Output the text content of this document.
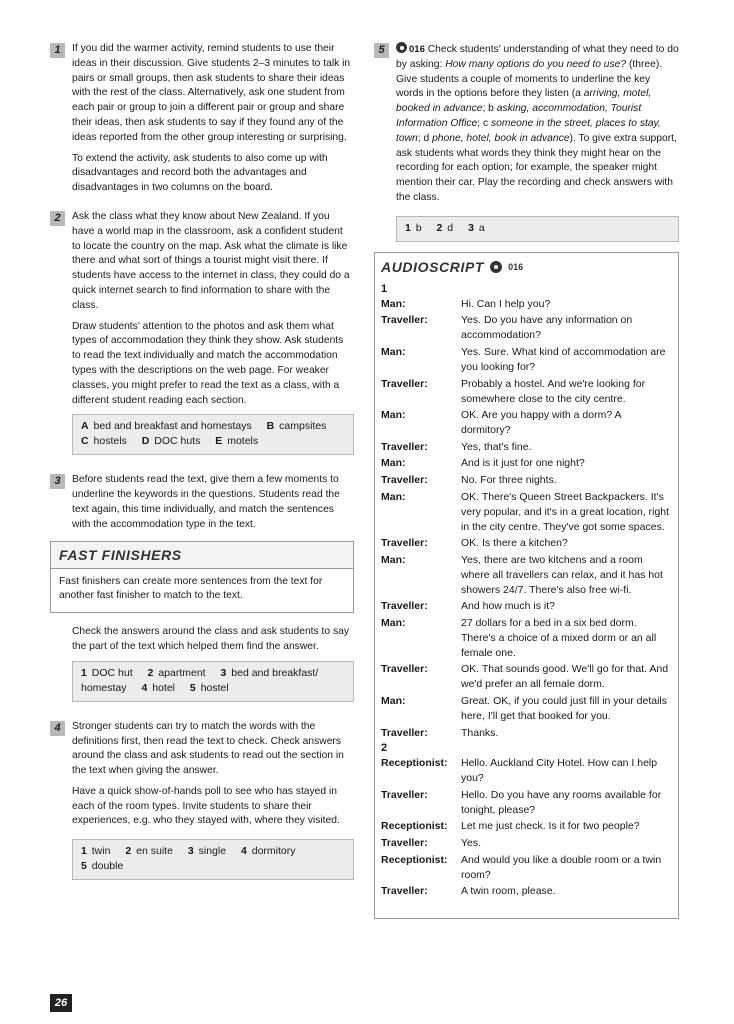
1	If you did the warmer activity, remind students to use their ideas in their discussion. Give students 2–3 minutes to talk in pairs or small groups, then ask students to share their ideas with the rest of the class. Alternatively, ask one student from each pair or group to join a different pair or group and share their ideas, then ask students to say if they found any of the ideas reported from the other group interesting or surprising.

To extend the activity, ask students to also come up with disadvantages and record both the advantages and disadvantages in two columns on the board.

2	Ask the class what they know about New Zealand. If you have a world map in the classroom, ask a confident student to locate the country on the map. Ask what the climate is like there and what sort of things a tourist might visit there. If students have access to the internet in class, they could do a quick internet search to find information to share with the class.

Draw students' attention to the photos and ask them what types of accommodation they think they show. Ask students to read the text individually and match the accommodation types with the descriptions on the web page. For weaker classes, you might prefer to read the text as a class, with a different student reading each section.

A bed and breakfast and homestays B campsites
C hostels D DOC huts E motels
3	Before students read the text, give them a few moments to underline the keywords in the questions. Students read the text again, this time individually, and match the sentences with the accommodation type in the text.

FAST FINISHERS
Fast finishers can create more sentences from the text for another fast finisher to match to the text.

Check the answers around the class and ask students to say the part of the text which helped them find the answer.

1 DOC hut 2 apartment 3 bed and breakfast/
homestay 4 hotel 5 hostel
4	Stronger students can try to match the words with the definitions first, then read the text to check. Check answers around the class and ask students to read out the section in the text when giving the answer.

Have a quick show-of-hands poll to see who has stayed in each of the room types. Invite students to share their experiences, e.g. who they stayed with, where they visited.

1 twin 2 en suite 3 single 4 dormitory
5 double
5	016 Check students' understanding of what they need to do by asking: How many options do you need to use? (three). Give students a couple of moments to underline the key words in the options before they listen (a arriving, motel, booked in advance; b asking, accommodation, Tourist Information Office; c someone in the street, places to stay, town; d phone, hotel, book in advance). To give extra support, ask students what words they think they might hear on the recording for each option; for example, the speaker might mention their car. Play the recording and check answers with the class.

1 b 2 d 3 a
AUDIOSCRIPT	016
1
Man:	Hi. Can I help you?
Traveller:	Yes. Do you have any information on accommodation?
Man:	Yes. Sure. What kind of accommodation are you looking for?
Traveller:	Probably a hostel. And we're looking for somewhere close to the city centre.
Man:	OK. Are you happy with a dorm? A dormitory?
Traveller:	Yes, that's fine.
Man:	And is it just for one night?
Traveller:	No. For three nights.
Man:	OK. There's Queen Street Backpackers. It's very popular, and it's in a great location, right in the city centre. They've got some spaces.
Traveller:	OK. Is there a kitchen?
Man:	Yes, there are two kitchens and a room where all travellers can relax, and it has hot showers 24/7. There's also free wi-fi.
Traveller:	And how much is it?
Man:	27 dollars for a bed in a six bed dorm. There's a choice of a mixed dorm or an all female one.
Traveller:	OK. That sounds good. We'll go for that. And we'd prefer an all female dorm.
Man:	Great. OK, if you could just fill in your details here, I'll get that booked for you.
Traveller:	Thanks.
2
Receptionist:	Hello. Auckland City Hotel. How can I help you?
Traveller:	Hello. Do you have any rooms available for tonight, please?
Receptionist:	Let me just check. Is it for two people?
Traveller:	Yes.
Receptionist:	And would you like a double room or a twin room?
Traveller:	A twin room, please.
26
